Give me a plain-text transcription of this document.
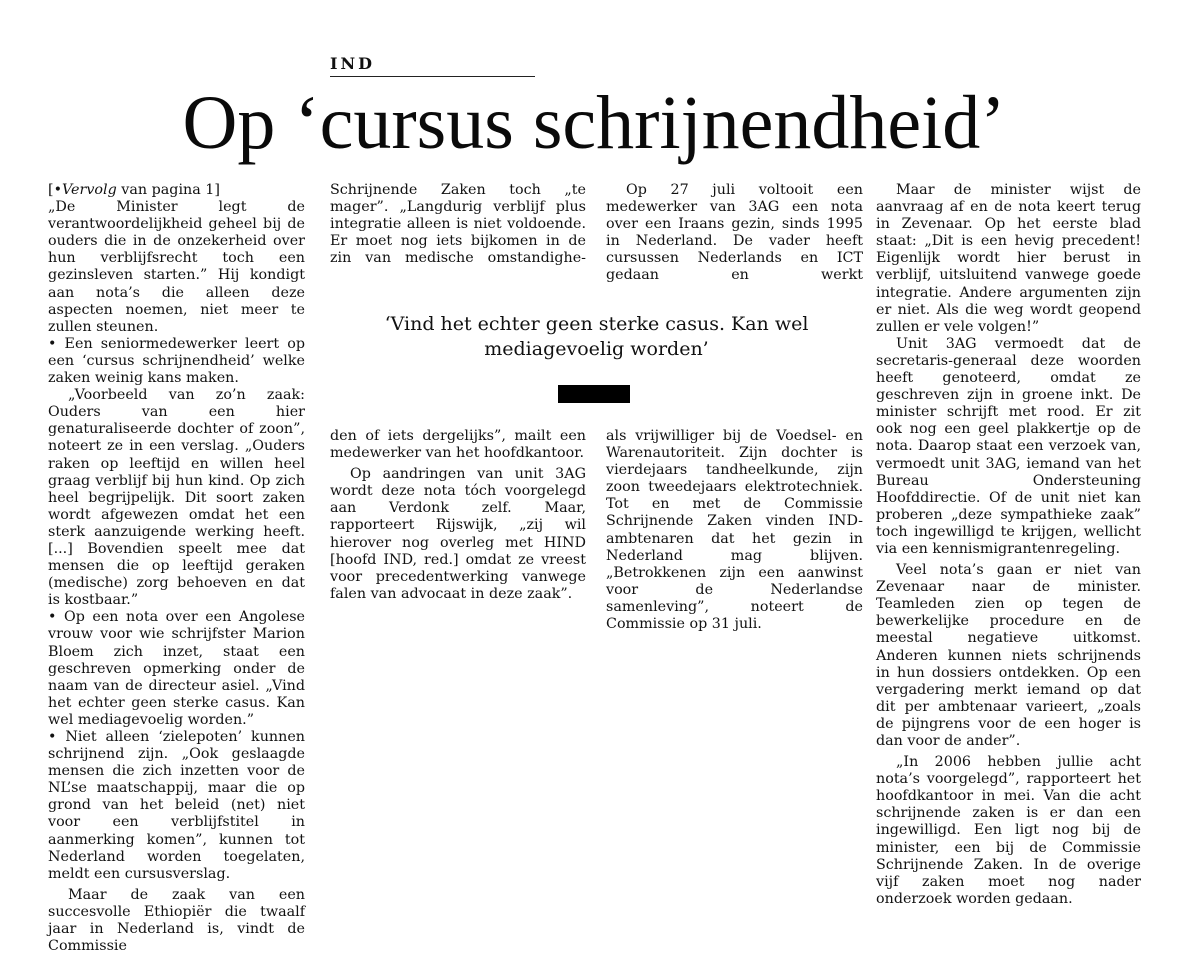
IND
Op ‘cursus schrijnendheid’

[•Vervolg van pagina 1]

„De Minister legt de verantwoordelijkheid geheel bij de ouders die in de onzekerheid over hun verblijfsrecht toch een gezinsleven starten.” Hij kondigt aan nota’s die alleen deze aspecten noemen, niet meer te zullen steunen.

• Een seniormedewerker leert op een ‘cursus schrijnendheid’ welke zaken weinig kans maken.

„Voorbeeld van zo’n zaak: Ouders van een hier genaturaliseerde dochter of zoon”, noteert ze in een verslag. „Ouders raken op leeftijd en willen heel graag verblijf bij hun kind. Op zich heel begrijpelijk. Dit soort zaken wordt afgewezen omdat het een sterk aanzuigende werking heeft. [...] Bovendien speelt mee dat mensen die op leeftijd geraken (medische) zorg behoeven en dat is kostbaar.”

• Op een nota over een Angolese vrouw voor wie schrijfster Marion Bloem zich inzet, staat een geschreven opmerking onder de naam van de directeur asiel. „Vind het echter geen sterke casus. Kan wel mediagevoelig worden.”

• Niet alleen ‘zielepoten’ kunnen schrijnend zijn. „Ook geslaagde mensen die zich inzetten voor de NL’se maatschappij, maar die op grond van het beleid (net) niet voor een verblijfstitel in aanmerking komen”, kunnen tot Nederland worden toegelaten, meldt een cursusverslag.

Maar de zaak van een succesvolle Ethiopiër die twaalf jaar in Nederland is, vindt de Commissie

Schrijnende Zaken toch „te mager”. „Langdurig verblijf plus integratie alleen is niet voldoende. Er moet nog iets bijkomen in de zin van medische omstandighe-

Op 27 juli voltooit een medewerker van 3AG een nota over een Iraans gezin, sinds 1995 in Nederland. De vader heeft cursussen Nederlands en ICT gedaan en werkt

‘Vind het echter geen sterke casus. Kan wel mediagevoelig worden’

den of iets dergelijks”, mailt een medewerker van het hoofdkantoor.

Op aandringen van unit 3AG wordt deze nota tóch voorgelegd aan Verdonk zelf. Maar, rapporteert Rijswijk, „zij wil hierover nog overleg met HIND [hoofd IND, red.] omdat ze vreest voor precedentwerking vanwege falen van advocaat in deze zaak”.

als vrijwilliger bij de Voedsel- en Warenautoriteit. Zijn dochter is vierdejaars tandheelkunde, zijn zoon tweedejaars elektrotechniek. Tot en met de Commissie Schrijnende Zaken vinden IND-ambtenaren dat het gezin in Nederland mag blijven. „Betrokkenen zijn een aanwinst voor de Nederlandse samenleving”, noteert de Commissie op 31 juli.

Maar de minister wijst de aanvraag af en de nota keert terug in Zevenaar. Op het eerste blad staat: „Dit is een hevig precedent! Eigenlijk wordt hier berust in verblijf, uitsluitend vanwege goede integratie. Andere argumenten zijn er niet. Als die weg wordt geopend zullen er vele volgen!”

Unit 3AG vermoedt dat de secretaris-generaal deze woorden heeft genoteerd, omdat ze geschreven zijn in groene inkt. De minister schrijft met rood. Er zit ook nog een geel plakkertje op de nota. Daarop staat een verzoek van, vermoedt unit 3AG, iemand van het Bureau Ondersteuning Hoofddirectie. Of de unit niet kan proberen „deze sympathieke zaak” toch ingewilligd te krijgen, wellicht via een kennismigrantenregeling.

Veel nota’s gaan er niet van Zevenaar naar de minister. Teamleden zien op tegen de bewerkelijke procedure en de meestal negatieve uitkomst. Anderen kunnen niets schrijnends in hun dossiers ontdekken. Op een vergadering merkt iemand op dat dit per ambtenaar varieert, „zoals de pijngrens voor de een hoger is dan voor de ander”.

„In 2006 hebben jullie acht nota’s voorgelegd”, rapporteert het hoofdkantoor in mei. Van die acht schrijnende zaken is er dan een ingewilligd. Een ligt nog bij de minister, een bij de Commissie Schrijnende Zaken. In de overige vijf zaken moet nog nader onderzoek worden gedaan.
